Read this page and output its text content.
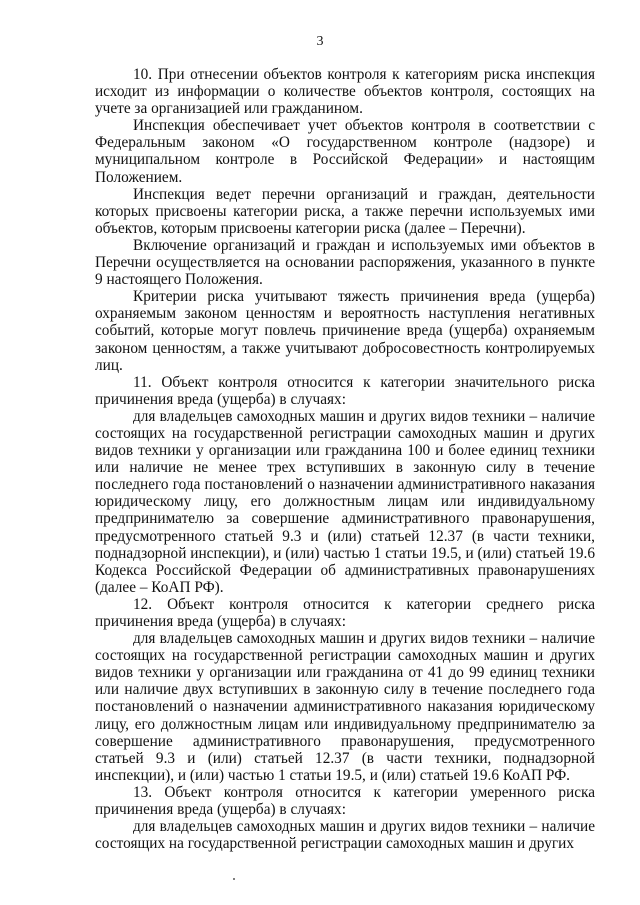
3

10. При отнесении объектов контроля к категориям риска инспекция исходит из информации о количестве объектов контроля, состоящих на учете за организацией или гражданином.

Инспекция обеспечивает учет объектов контроля в соответствии с Федеральным законом «О государственном контроле (надзоре) и муниципальном контроле в Российской Федерации» и настоящим Положением.

Инспекция ведет перечни организаций и граждан, деятельности которых присвоены категории риска, а также перечни используемых ими объектов, которым присвоены категории риска (далее – Перечни).

Включение организаций и граждан и используемых ими объектов в Перечни осуществляется на основании распоряжения, указанного в пункте 9 настоящего Положения.

Критерии риска учитывают тяжесть причинения вреда (ущерба) охраняемым законом ценностям и вероятность наступления негативных событий, которые могут повлечь причинение вреда (ущерба) охраняемым законом ценностям, а также учитывают добросовестность контролируемых лиц.

11. Объект контроля относится к категории значительного риска причинения вреда (ущерба) в случаях:

для владельцев самоходных машин и других видов техники – наличие состоящих на государственной регистрации самоходных машин и других видов техники у организации или гражданина 100 и более единиц техники или наличие не менее трех вступивших в законную силу в течение последнего года постановлений о назначении административного наказания юридическому лицу, его должностным лицам или индивидуальному предпринимателю за совершение административного правонарушения, предусмотренного статьей 9.3 и (или) статьей 12.37 (в части техники, поднадзорной инспекции), и (или) частью 1 статьи 19.5, и (или) статьей 19.6 Кодекса Российской Федерации об административных правонарушениях (далее – КоАП РФ).

12. Объект контроля относится к категории среднего риска причинения вреда (ущерба) в случаях:

для владельцев самоходных машин и других видов техники – наличие состоящих на государственной регистрации самоходных машин и других видов техники у организации или гражданина от 41 до 99 единиц техники или наличие двух вступивших в законную силу в течение последнего года постановлений о назначении административного наказания юридическому лицу, его должностным лицам или индивидуальному предпринимателю за совершение административного правонарушения, предусмотренного статьей 9.3 и (или) статьей 12.37 (в части техники, поднадзорной инспекции), и (или) частью 1 статьи 19.5, и (или) статьей 19.6 КоАП РФ.

13. Объект контроля относится к категории умеренного риска причинения вреда (ущерба) в случаях:

для владельцев самоходных машин и других видов техники – наличие состоящих на государственной регистрации самоходных машин и других
